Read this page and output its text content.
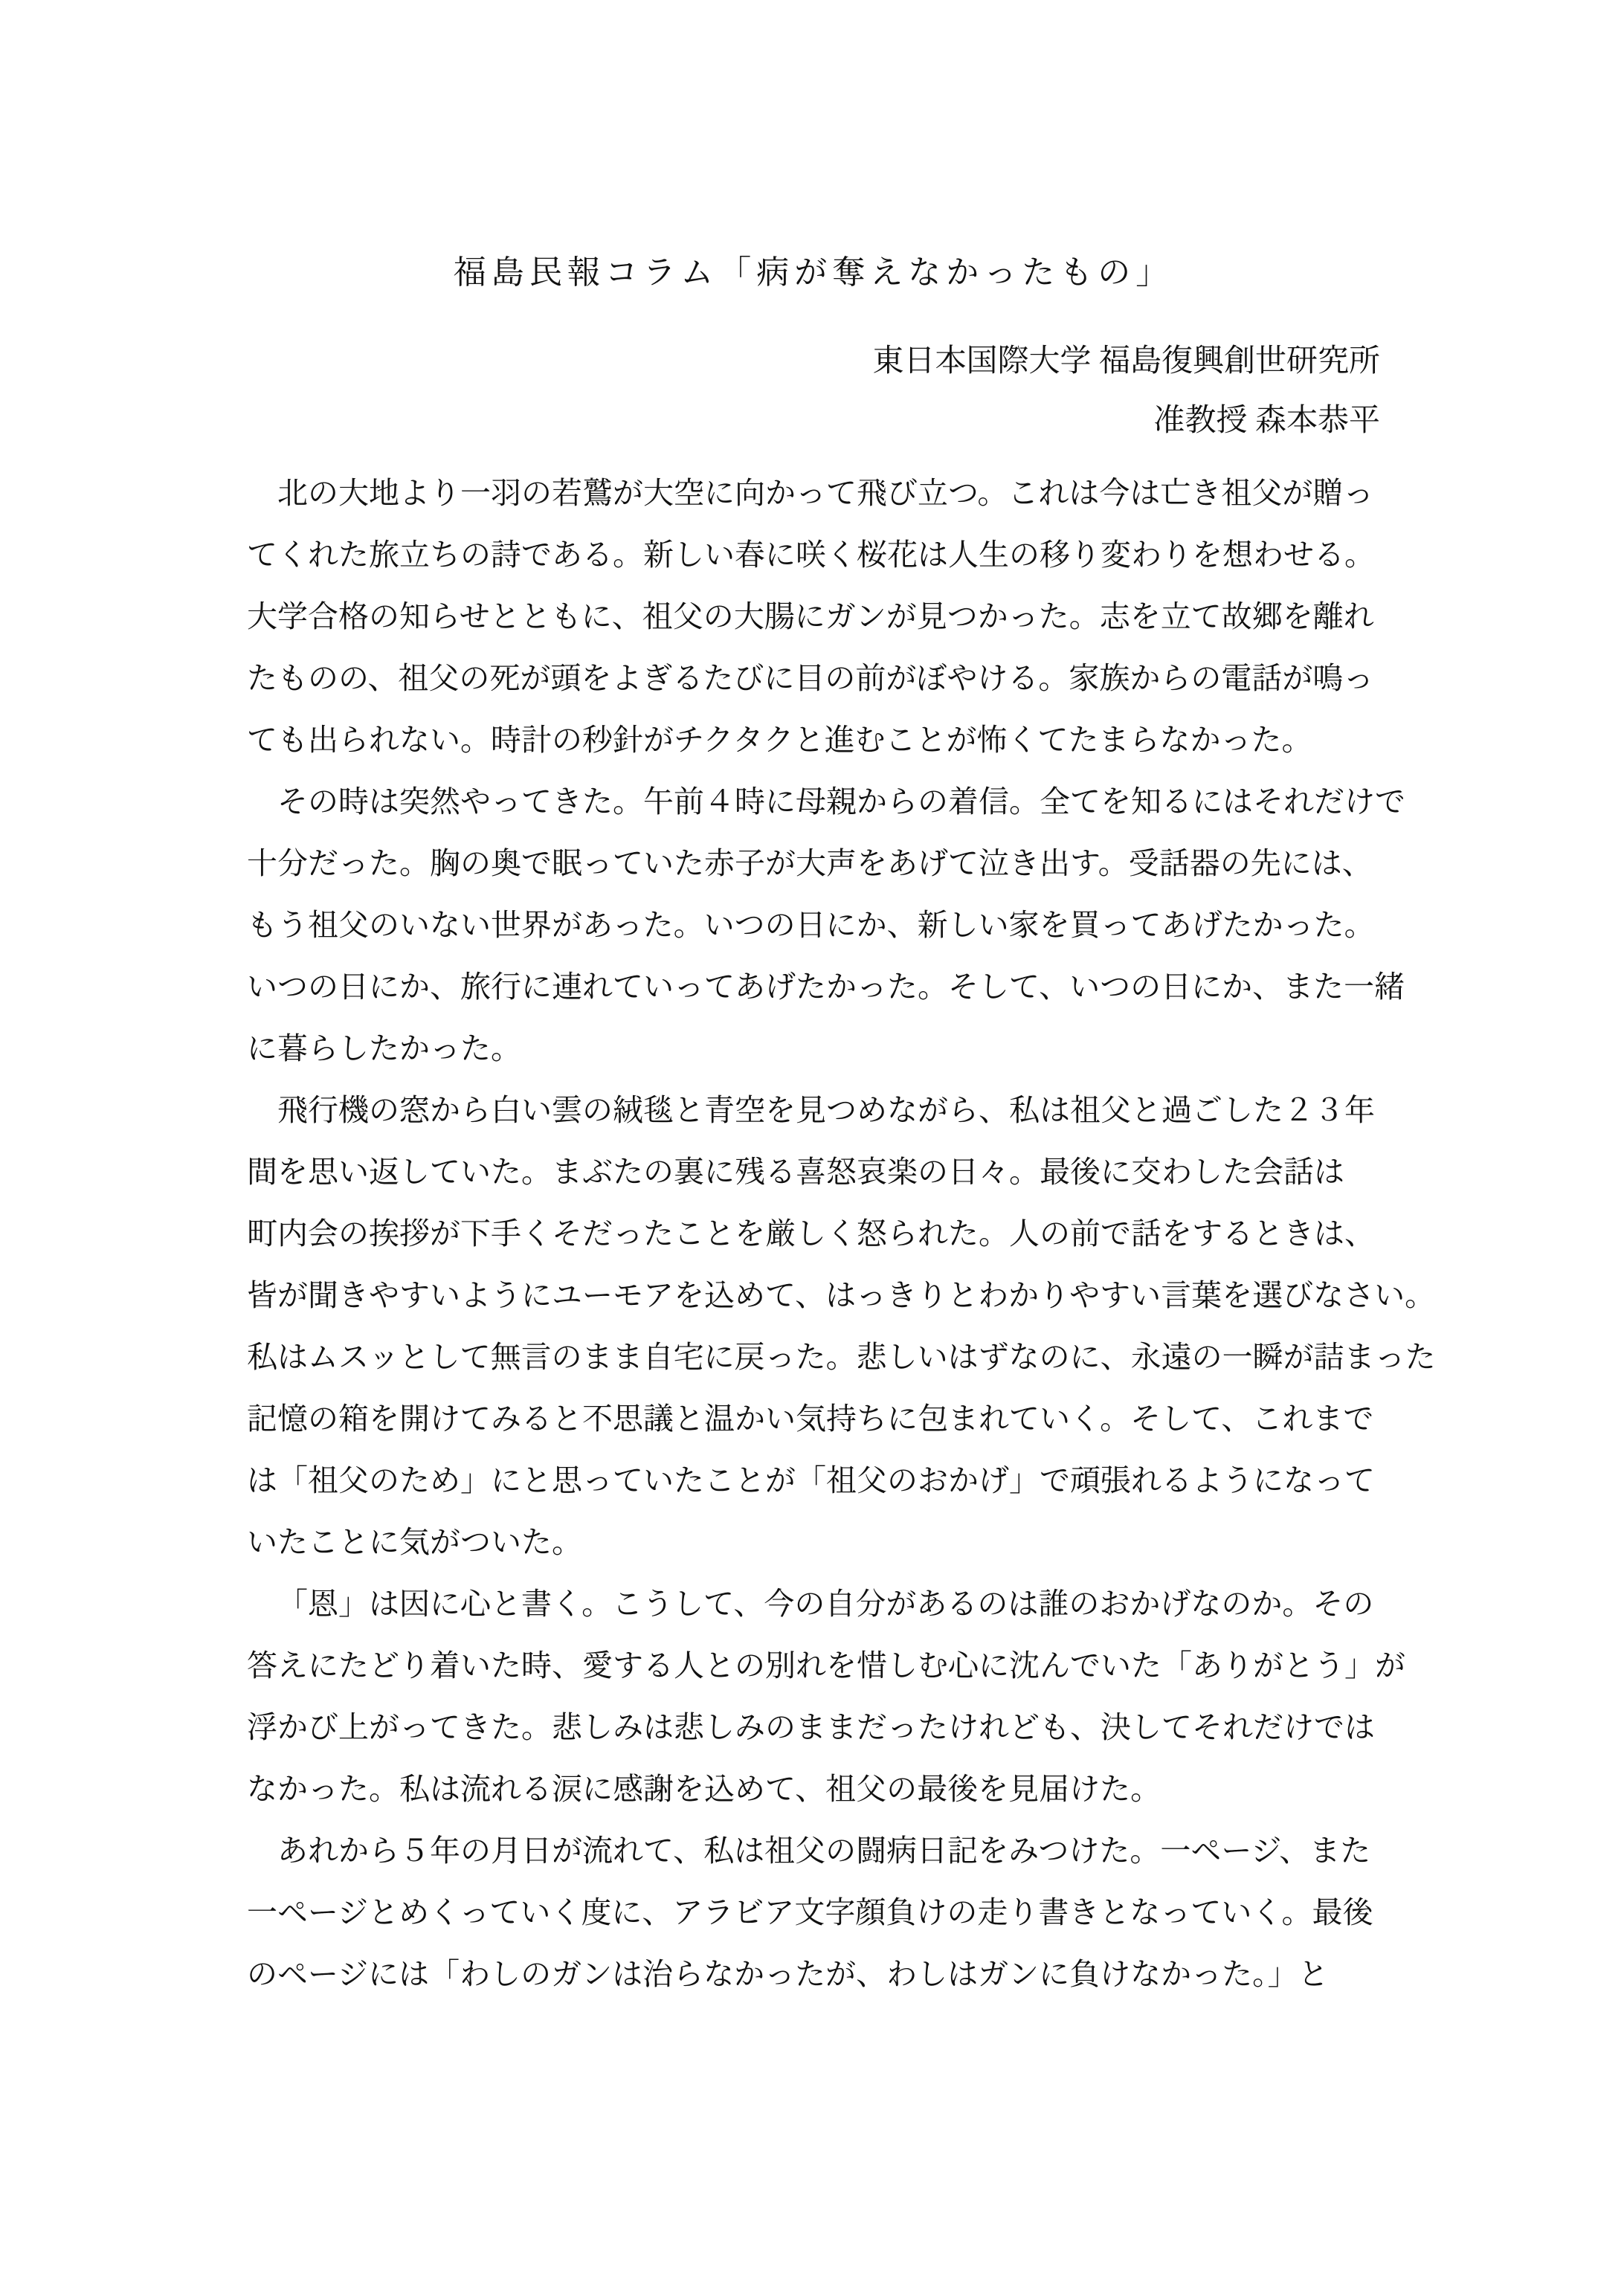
福島民報コラム「病が奪えなかったもの」
東日本国際大学 福島復興創世研究所
准教授 森本恭平
北の大地より一羽の若鷲が大空に向かって飛び立つ。これは今は亡き祖父が贈っ
てくれた旅立ちの詩である。新しい春に咲く桜花は人生の移り変わりを想わせる。
大学合格の知らせとともに、祖父の大腸にガンが見つかった。志を立て故郷を離れ
たものの、祖父の死が頭をよぎるたびに目の前がぼやける。家族からの電話が鳴っ
ても出られない。時計の秒針がチクタクと進むことが怖くてたまらなかった。
その時は突然やってきた。午前４時に母親からの着信。全てを知るにはそれだけで
十分だった。胸の奥で眠っていた赤子が大声をあげて泣き出す。受話器の先には、
もう祖父のいない世界があった。いつの日にか、新しい家を買ってあげたかった。
いつの日にか、旅行に連れていってあげたかった。そして、いつの日にか、また一緒
に暮らしたかった。
飛行機の窓から白い雲の絨毯と青空を見つめながら、私は祖父と過ごした２３年
間を思い返していた。まぶたの裏に残る喜怒哀楽の日々。最後に交わした会話は
町内会の挨拶が下手くそだったことを厳しく怒られた。人の前で話をするときは、
皆が聞きやすいようにユーモアを込めて、はっきりとわかりやすい言葉を選びなさい。
私はムスッとして無言のまま自宅に戻った。悲しいはずなのに、永遠の一瞬が詰まった
記憶の箱を開けてみると不思議と温かい気持ちに包まれていく。そして、これまで
は「祖父のため」にと思っていたことが「祖父のおかげ」で頑張れるようになって
いたことに気がついた。
「恩」は因に心と書く。こうして、今の自分があるのは誰のおかげなのか。その
答えにたどり着いた時、愛する人との別れを惜しむ心に沈んでいた「ありがとう」が
浮かび上がってきた。悲しみは悲しみのままだったけれども、決してそれだけでは
なかった。私は流れる涙に感謝を込めて、祖父の最後を見届けた。
あれから５年の月日が流れて、私は祖父の闘病日記をみつけた。一ページ、また
一ページとめくっていく度に、アラビア文字顔負けの走り書きとなっていく。最後
のページには「わしのガンは治らなかったが、わしはガンに負けなかった。」と
